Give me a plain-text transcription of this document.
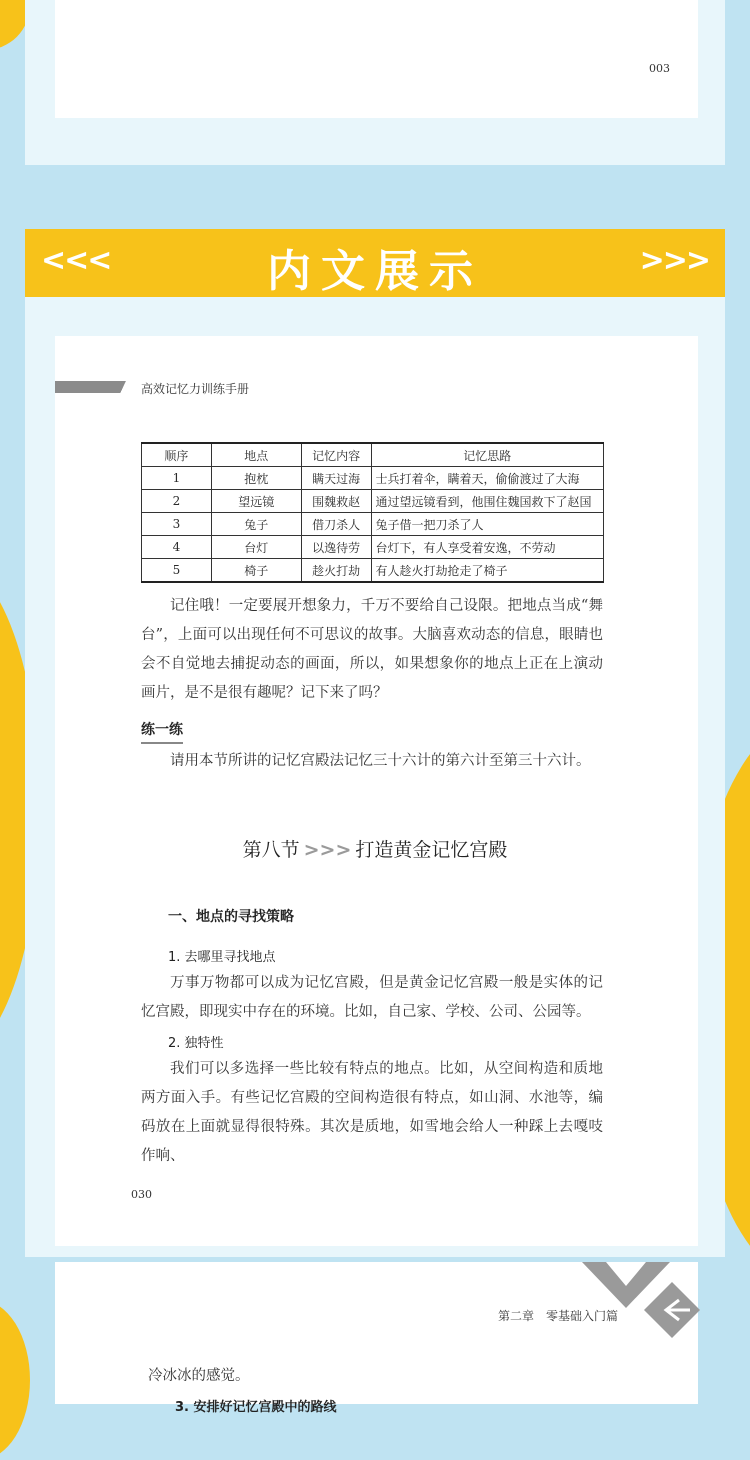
003
<<<	内文展示	>>>
高效记忆力训练手册
顺序	地点	记忆内容	记忆思路
1	抱枕	瞒天过海	士兵打着伞，瞒着天，偷偷渡过了大海
2	望远镜	围魏救赵	通过望远镜看到，他围住魏国救下了赵国
3	兔子	借刀杀人	兔子借一把刀杀了人
4	台灯	以逸待劳	台灯下，有人享受着安逸，不劳动
5	椅子	趁火打劫	有人趁火打劫抢走了椅子

记住哦！一定要展开想象力，千万不要给自己设限。把地点当成“舞台”，上面可以出现任何不可思议的故事。大脑喜欢动态的信息，眼睛也会不自觉地去捕捉动态的画面，所以，如果想象你的地点上正在上演动画片，是不是很有趣呢？记下来了吗？

练一练

请用本节所讲的记忆宫殿法记忆三十六计的第六计至第三十六计。

第八节 >>> 打造黄金记忆宫殿
一、地点的寻找策略
1. 去哪里寻找地点

万事万物都可以成为记忆宫殿，但是黄金记忆宫殿一般是实体的记忆宫殿，即现实中存在的环境。比如，自己家、学校、公司、公园等。

2. 独特性

我们可以多选择一些比较有特点的地点。比如，从空间构造和质地两方面入手。有些记忆宫殿的空间构造很有特点，如山洞、水池等，编码放在上面就显得很特殊。其次是质地，如雪地会给人一种踩上去嘎吱作响、

030
第二章　零基础入门篇

冷冰冰的感觉。

3. 安排好记忆宫殿中的路线
